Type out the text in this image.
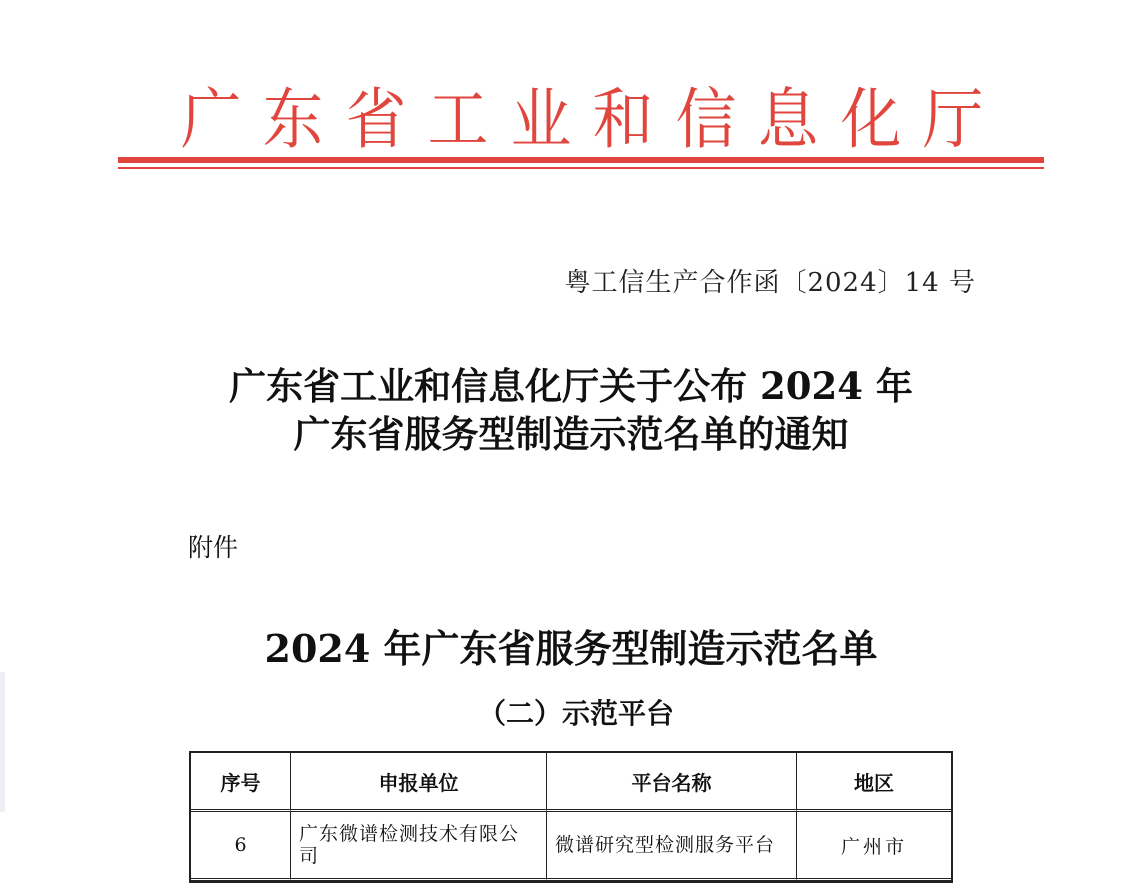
广 东 省 工 业 和 信 息 化 厅
粤工信生产合作函〔2024〕14 号
广东省工业和信息化厅关于公布 2024 年
广东省服务型制造示范名单的通知
附件
2024 年广东省服务型制造示范名单
（二）示范平台
序号	申报单位	平台名称	地区
6	广东微谱检测技术有限公司	微谱研究型检测服务平台	广州市
